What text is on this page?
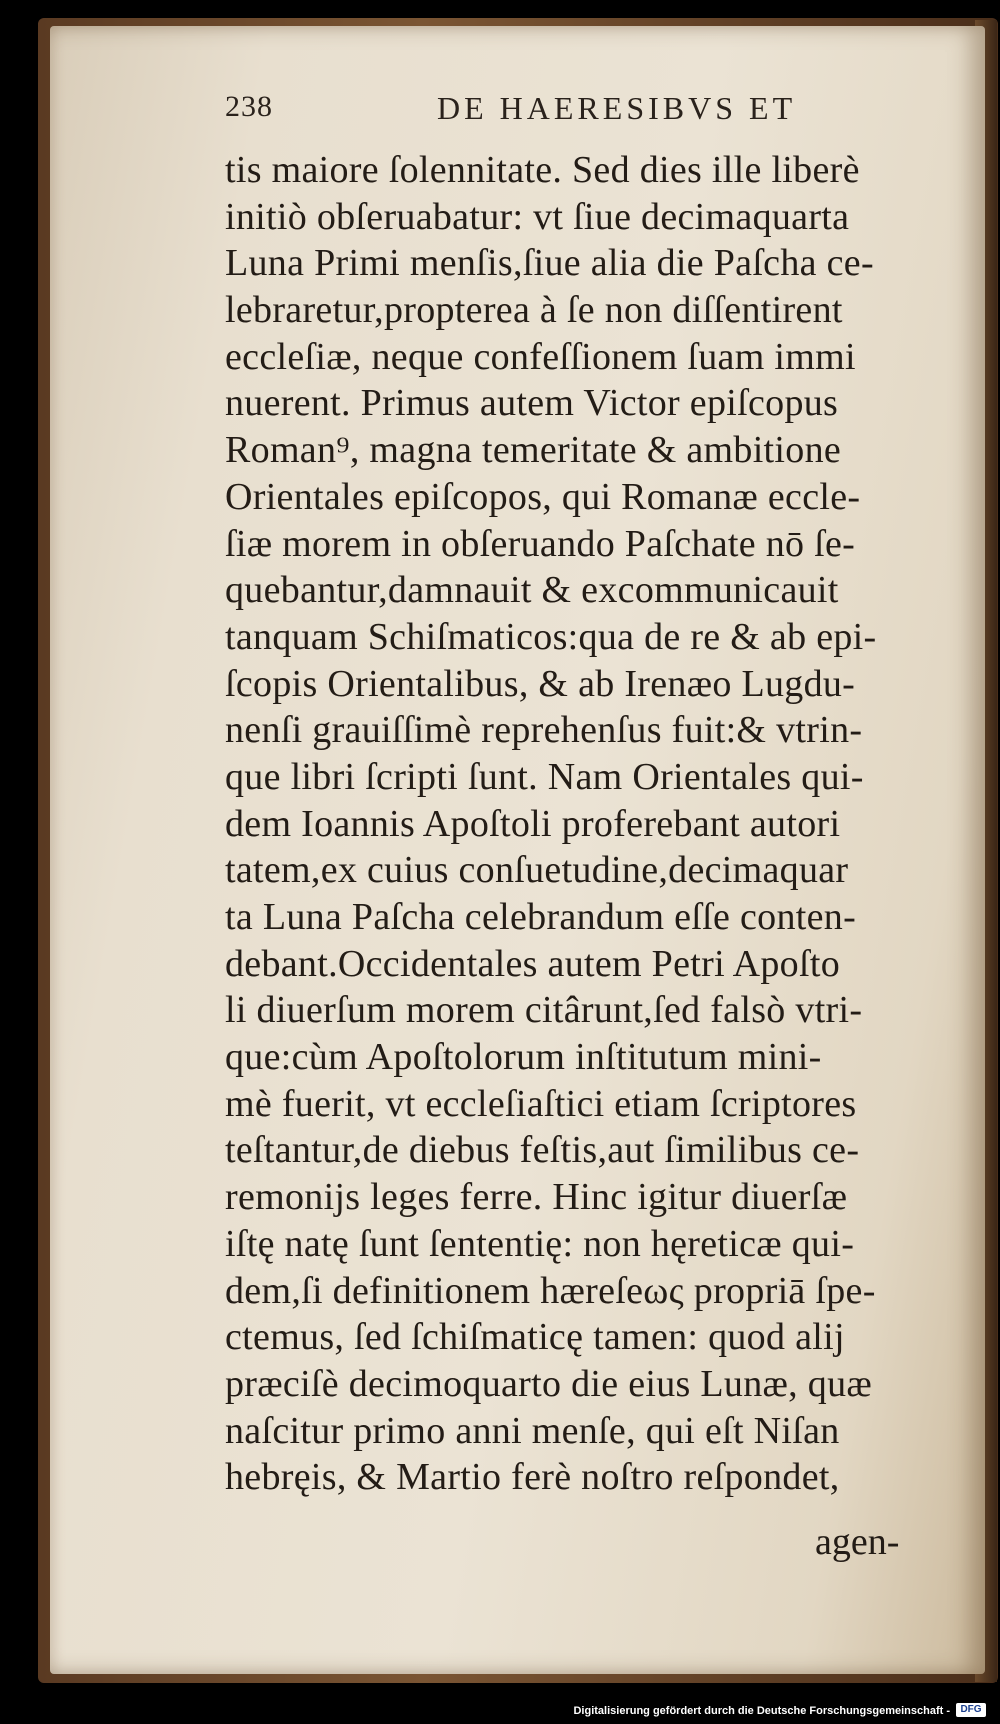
238	DE HAERESIBVS ET
tis maiore ſolennitate. Sed dies ille liberè
initiò obſeruabatur: vt ſiue decimaquarta
Luna Primi menſis,ſiue alia die Paſcha ce-
lebraretur,propterea à ſe non diſſentirent
eccleſiæ, neque confeſſionem ſuam immi
nuerent. Primus autem Victor epiſcopus
Roman⁹, magna temeritate & ambitione
Orientales epiſcopos, qui Romanæ eccle-
ſiæ morem in obſeruando Paſchate nō ſe-
quebantur,damnauit & excommunicauit
tanquam Schiſmaticos:qua de re & ab epi-
ſcopis Orientalibus, & ab Irenæo Lugdu-
nenſi grauiſſimè reprehenſus fuit:& vtrin-
que libri ſcripti ſunt. Nam Orientales qui-
dem Ioannis Apoſtoli proferebant autori
tatem,ex cuius conſuetudine,decimaquar
ta Luna Paſcha celebrandum eſſe conten-
debant.Occidentales autem Petri Apoſto
li diuerſum morem citârunt,ſed falsò vtri-
que:cùm Apoſtolorum inſtitutum mini-
mè fuerit, vt eccleſiaſtici etiam ſcriptores
teſtantur,de diebus feſtis,aut ſimilibus ce-
remonijs leges ferre. Hinc igitur diuerſæ
iſtę natę ſunt ſententię: non hęreticæ qui-
dem,ſi definitionem hæreſeως propriā ſpe-
ctemus, ſed ſchiſmaticę tamen: quod alij
præciſè decimoquarto die eius Lunæ, quæ
naſcitur primo anni menſe, qui eſt Niſan
hebręis, & Martio ferè noſtro reſpondet,
agen-
Digitalisierung gefördert durch die Deutsche Forschungsgemeinschaft -	DFG
